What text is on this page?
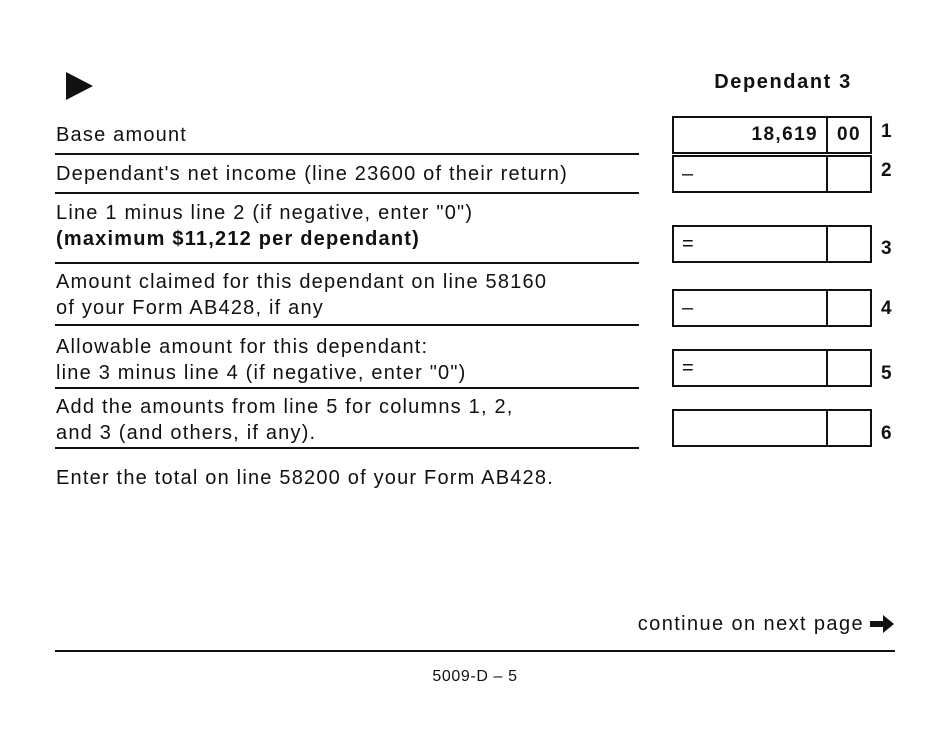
Dependant 3
Base amount	18,619	00	1
Dependant's net income (line 23600 of their return)	–	2
Line 1 minus line 2 (if negative, enter "0")
(maximum $11,212 per dependant)	=	3
Amount claimed for this dependant on line 58160
of your Form AB428, if any	–	4
Allowable amount for this dependant:
line 3 minus line 4 (if negative, enter "0")	=	5
Add the amounts from line 5 for columns 1, 2,
and 3 (and others, if any).	6
Enter the total on line 58200 of your Form AB428.
continue on next page
5009-D – 5
